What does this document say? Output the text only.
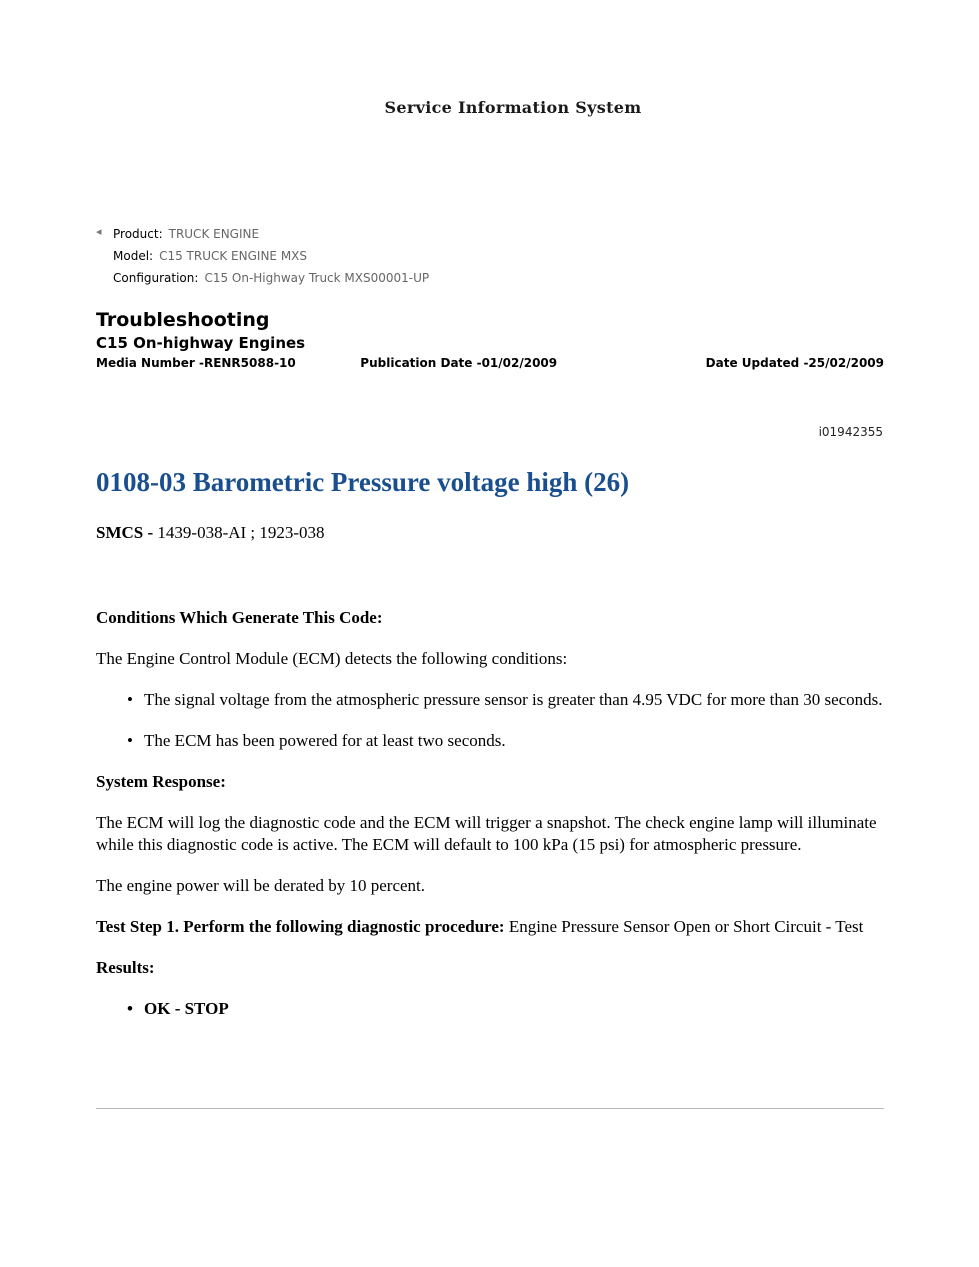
Service Information System
◂ Product: TRUCK ENGINE
Model: C15 TRUCK ENGINE MXS
Configuration: C15 On-Highway Truck MXS00001-UP
Troubleshooting
C15 On-highway Engines
Media Number -RENR5088-10	Publication Date -01/02/2009	Date Updated -25/02/2009
i01942355
0108-03 Barometric Pressure voltage high (26)
SMCS - 1439-038-AI ; 1923-038
Conditions Which Generate This Code:

The Engine Control Module (ECM) detects the following conditions:

• The signal voltage from the atmospheric pressure sensor is greater than 4.95 VDC for more than 30 seconds.
• The ECM has been powered for at least two seconds.
System Response:

The ECM will log the diagnostic code and the ECM will trigger a snapshot. The check engine lamp will illuminate while this diagnostic code is active. The ECM will default to 100 kPa (15 psi) for atmospheric pressure.

The engine power will be derated by 10 percent.

Test Step 1. Perform the following diagnostic procedure: Engine Pressure Sensor Open or Short Circuit - Test

Results:

• OK - STOP
